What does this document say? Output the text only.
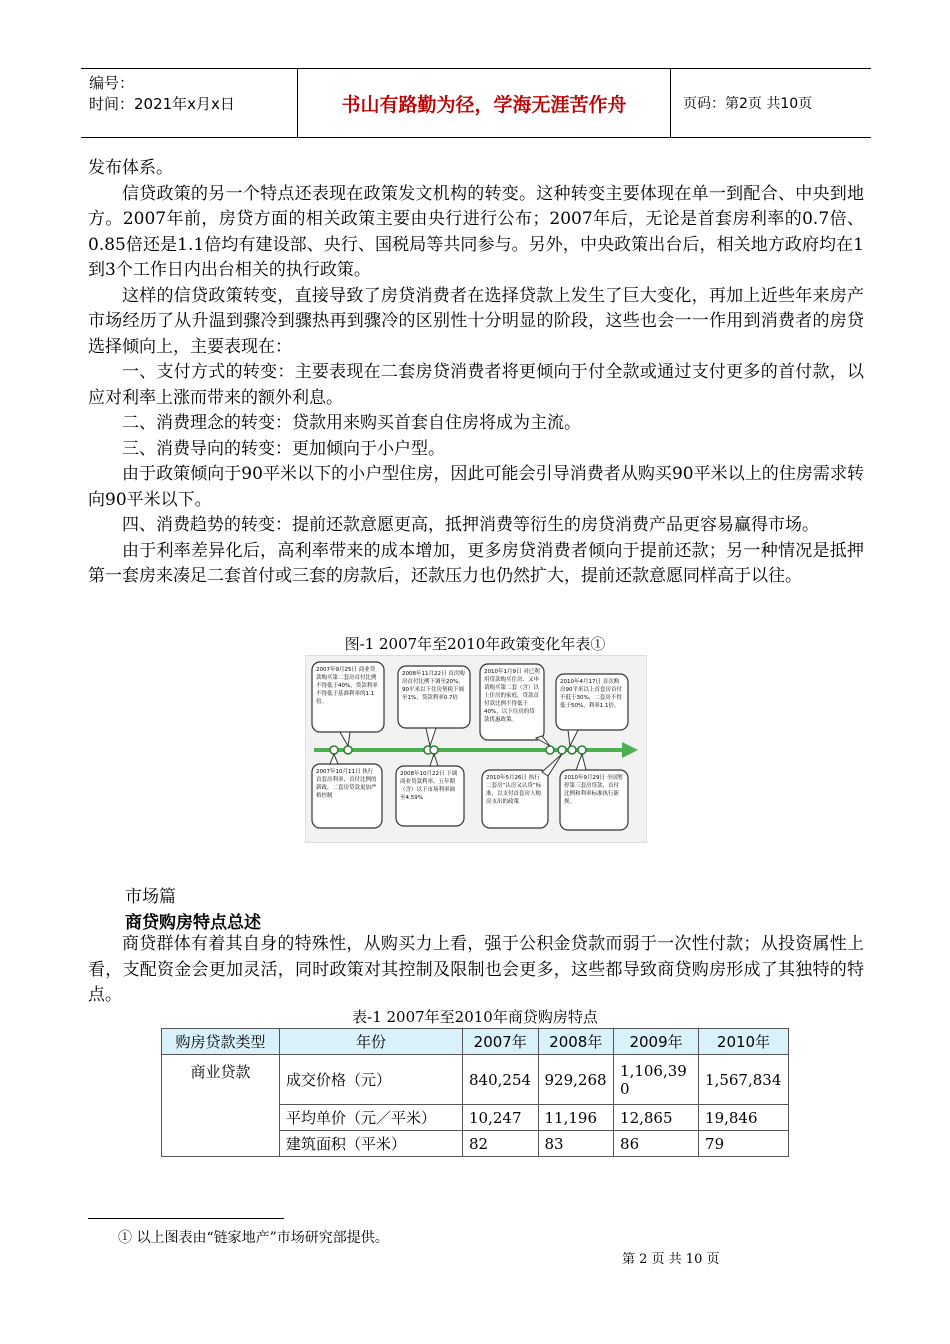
编号：
时间：2021年x月x日	书山有路勤为径，学海无涯苦作舟	页码：第2页 共10页

发布体系。

信贷政策的另一个特点还表现在政策发文机构的转变。这种转变主要体现在单一到配合、中央到地方。2007年前，房贷方面的相关政策主要由央行进行公布；2007年后，无论是首套房利率的0.7倍、0.85倍还是1.1倍均有建设部、央行、国税局等共同参与。另外，中央政策出台后，相关地方政府均在1到3个工作日内出台相关的执行政策。

这样的信贷政策转变，直接导致了房贷消费者在选择贷款上发生了巨大变化，再加上近些年来房产市场经历了从升温到骤冷到骤热再到骤冷的区别性十分明显的阶段，这些也会一一作用到消费者的房贷选择倾向上，主要表现在：

一、支付方式的转变：主要表现在二套房贷消费者将更倾向于付全款或通过支付更多的首付款，以应对利率上涨而带来的额外利息。

二、消费理念的转变：贷款用来购买首套自住房将成为主流。

三、消费导向的转变：更加倾向于小户型。

由于政策倾向于90平米以下的小户型住房，因此可能会引导消费者从购买90平米以上的住房需求转向90平米以下。

四、消费趋势的转变：提前还款意愿更高，抵押消费等衍生的房贷消费产品更容易赢得市场。

由于利率差异化后，高利率带来的成本增加，更多房贷消费者倾向于提前还款；另一种情况是抵押第一套房来凑足二套首付或三套的房款后，还款压力也仍然扩大，提前还款意愿同样高于以往。

图-1 2007年至2010年政策变化年表①
2007年9月25日 商业贷款购买第二套房首付比例不得低于40%，贷款利率不得低于基准利率的1.1倍。
2008年11月22日 首次购房首付比例下调至20%，90平米以下住房契税下调至1%，贷款利率0.7倍
2010年1月9日 对已利用贷款购买住房、又申请购买第二套（含）以上住房的家庭，贷款首付款比例不得低于40%，以下住房的贷款优惠政策。
2010年4月17日 首次购房90平米以上首套房首付不低于30%，二套房不得低于50%，利率1.1倍。
2007年10月11日 执行首套房利率、首付比例的新政，二套房贷款更加严格控制
2008年10月22日 下调商业贷款利率，五年期（含）以下市场利率调至4.59%
2010年5月26日 执行二套房“认房又认贷”标准，以支付首套房人购房支出的政策
2010年9月29日 全国暂停第三套房贷款，首付比例和利率标准执行新规。
市场篇
商贷购房特点总述

商贷群体有着其自身的特殊性，从购买力上看，强于公积金贷款而弱于一次性付款；从投资属性上看，支配资金会更加灵活，同时政策对其控制及限制也会更多，这些都导致商贷购房形成了其独特的特点。

表-1 2007年至2010年商贷购房特点
购房贷款类型	年份	2007年	2008年	2009年	2010年
商业贷款	成交价格（元）	840,254	929,268	1,106,390	1,567,834
	平均单价（元／平米）	10,247	11,196	12,865	19,846
	建筑面积（平米）	82	83	86	79
① 以上图表由“链家地产”市场研究部提供。
第 2 页 共 10 页
